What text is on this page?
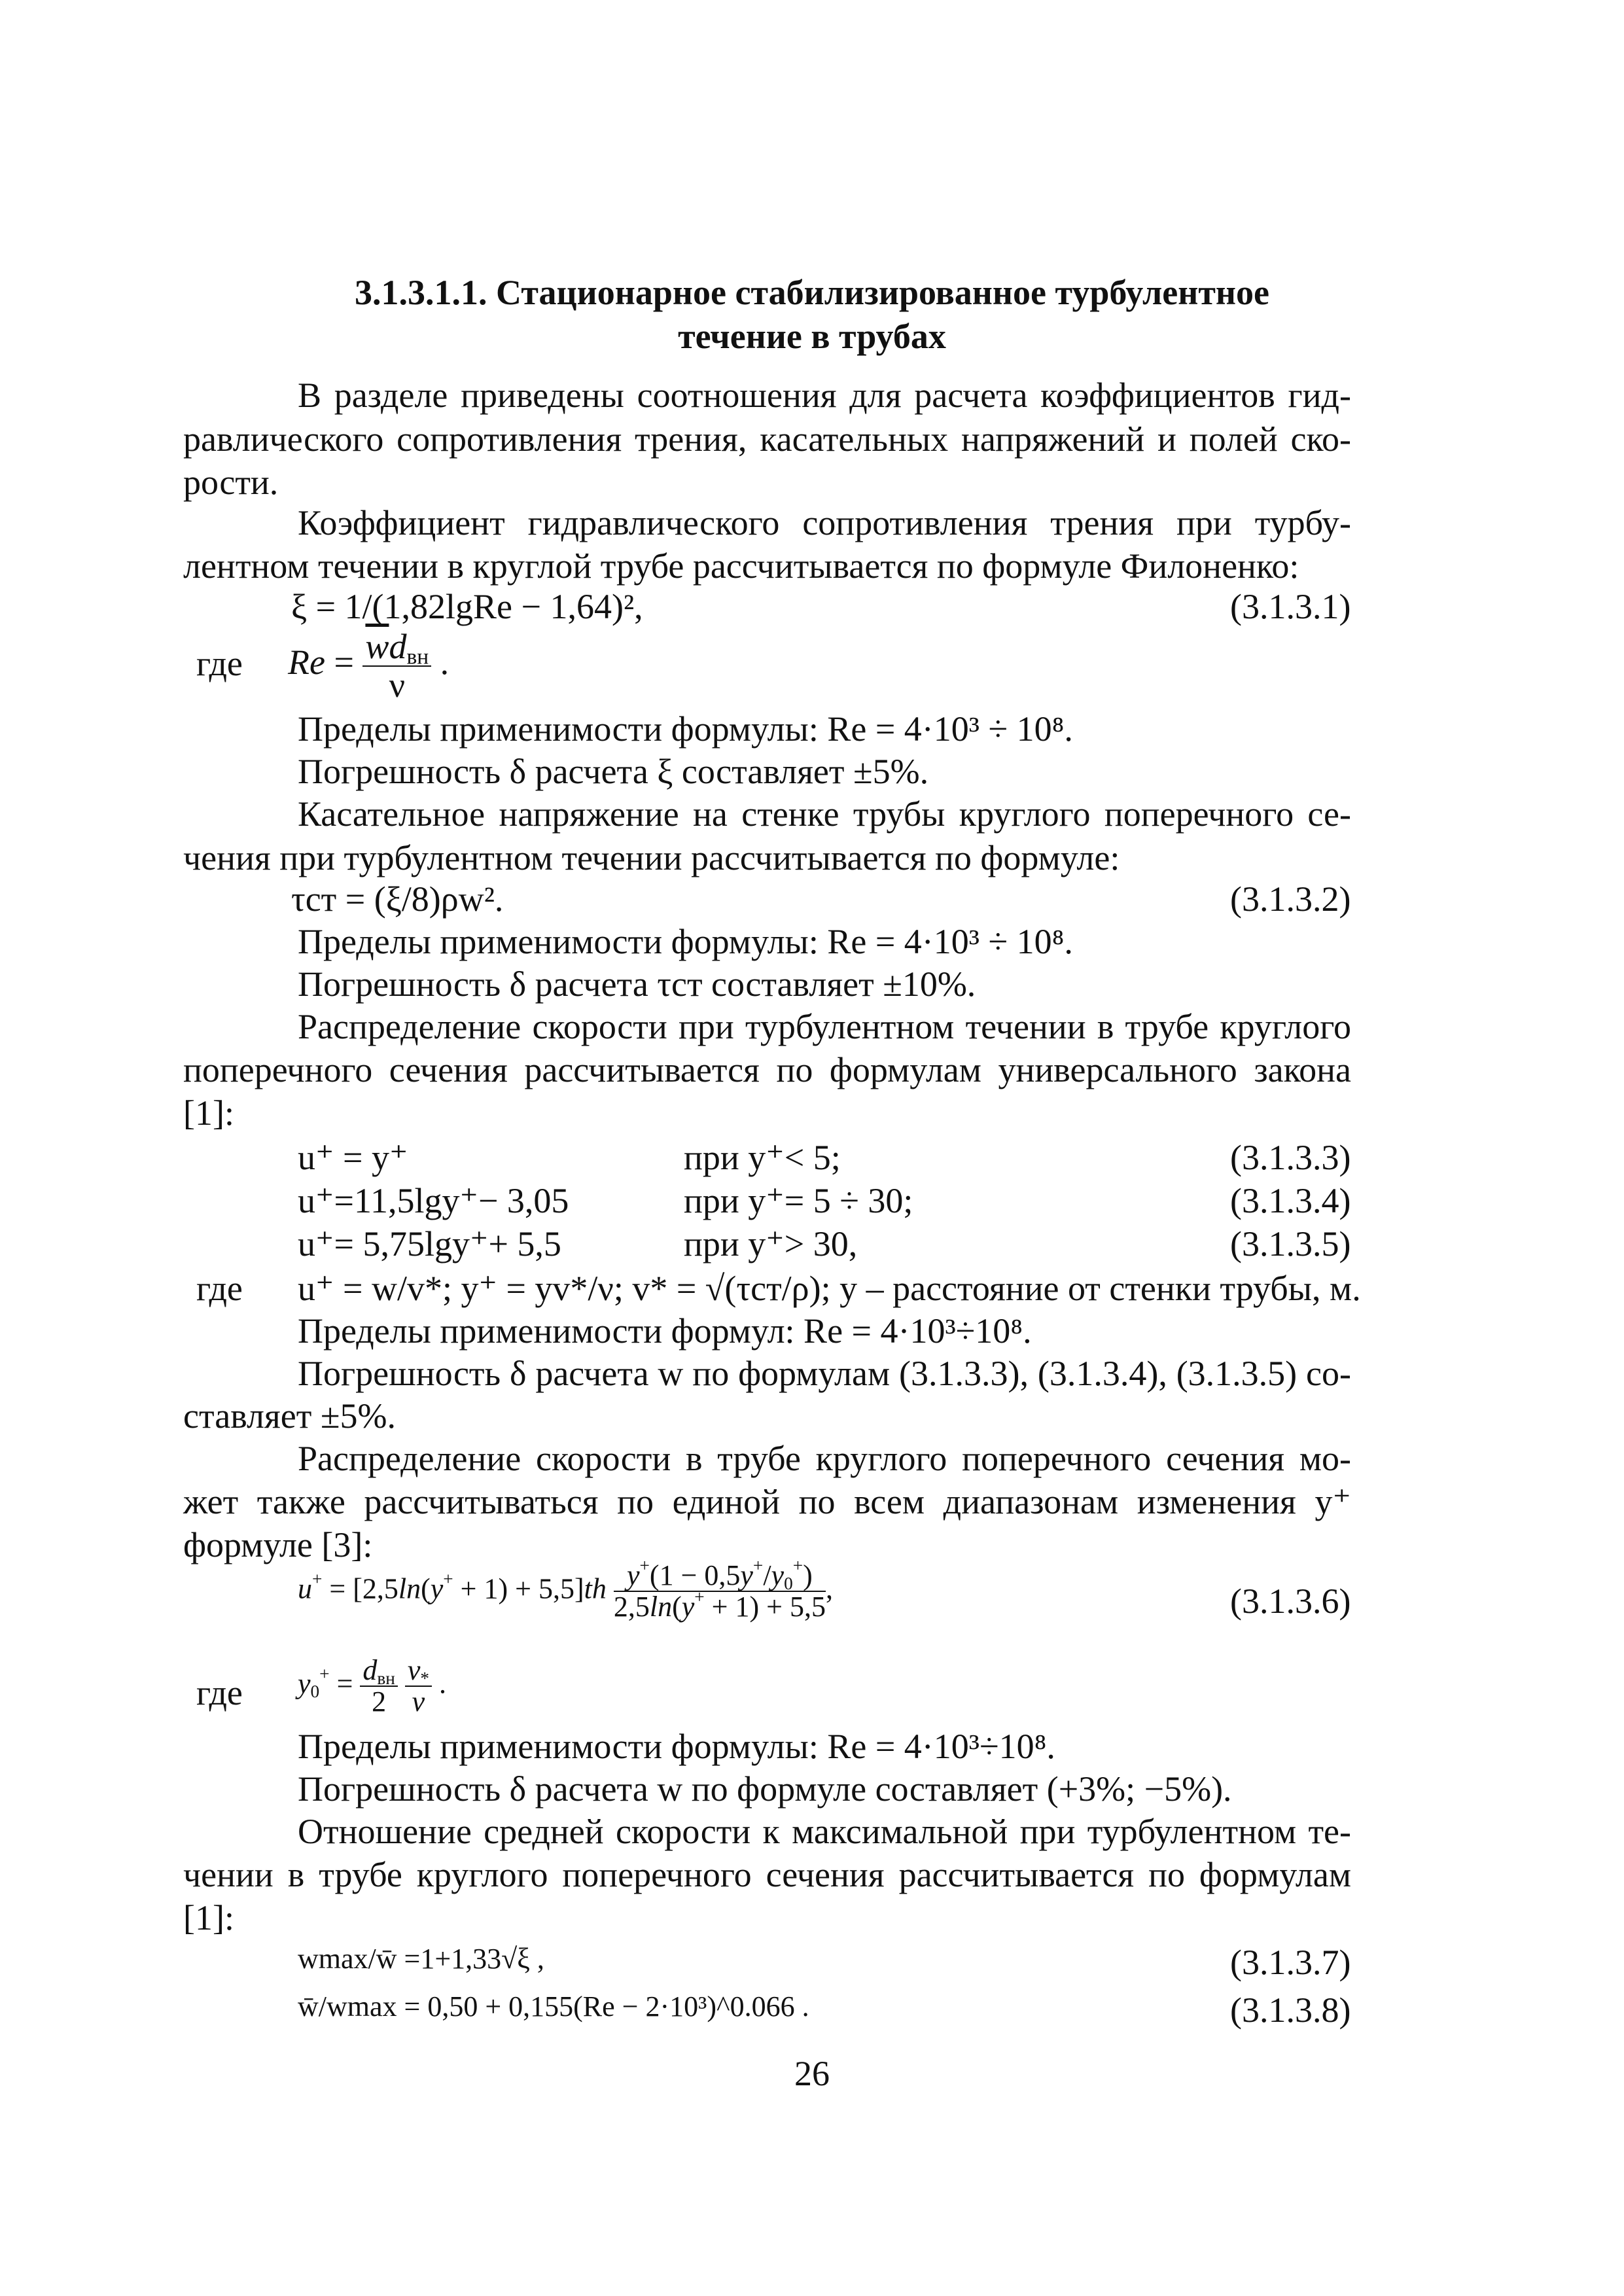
3.1.3.1.1. Стационарное стабилизированное турбулентное
течение в трубах
В разделе приведены соотношения для расчета коэффициентов гид-
равлического сопротивления трения, касательных напряжений и полей ско-
рости.
Коэффициент гидравлического сопротивления трения при турбу-
лентном течении в круглой трубе рассчитывается по формуле Филоненко:
ξ = 1/(1,82lgRe − 1,64)²,	(3.1.3.1)
где $Re = \frac{\overline{w}d_{вн}}{\nu}$ .
Пределы применимости формулы: Re = 4·10³ ÷ 10⁸.
Погрешность δ расчета ξ составляет ±5%.
Касательное напряжение на стенке трубы круглого поперечного се-
чения при турбулентном течении рассчитывается по формуле:
τст = (ξ/8)ρw².	(3.1.3.2)
Пределы применимости формулы: Re = 4·10³ ÷ 10⁸.
Погрешность δ расчета τст составляет ±10%.
Распределение скорости при турбулентном течении в трубе круглого
поперечного сечения рассчитывается по формулам универсального закона
[1]:
u⁺ = y⁺	при y⁺< 5;	(3.1.3.3)
u⁺=11,5lgy⁺− 3,05	при y⁺= 5 ÷ 30;	(3.1.3.4)
u⁺= 5,75lgy⁺+ 5,5	при y⁺> 30,	(3.1.3.5)
где u⁺ = w/v*; y⁺ = yv*/ν; v* = √(τст/ρ); y – расстояние от стенки трубы, м.
Пределы применимости формул: Re = 4·10³÷10⁸.
Погрешность δ расчета w по формулам (3.1.3.3), (3.1.3.4), (3.1.3.5) со-
ставляет ±5%.
Распределение скорости в трубе круглого поперечного сечения мо-
жет также рассчитываться по единой по всем диапазонам изменения y⁺
формуле [3]:
$u^+ = [2,5\ln(y^+ + 1) + 5,5]th \frac{y^+(1 - 0,5y^+/y_0^+)}{2,5\ln(y^+ + 1) + 5,5}$ ,	(3.1.3.6)
где $y_0^+ = \frac{d_{вн}}{2}$
$\frac{v_*}{\nu}$ .
Пределы применимости формулы: Re = 4·10³÷10⁸.
Погрешность δ расчета w по формуле составляет (+3%; −5%).
Отношение средней скорости к максимальной при турбулентном те-
чении в трубе круглого поперечного сечения рассчитывается по формулам
[1]:
wmax/w̄ =1+1,33√ξ ,	(3.1.3.7)
w̄/wmax = 0,50 + 0,155(Re − 2·10³)^0.066 .	(3.1.3.8)
26
